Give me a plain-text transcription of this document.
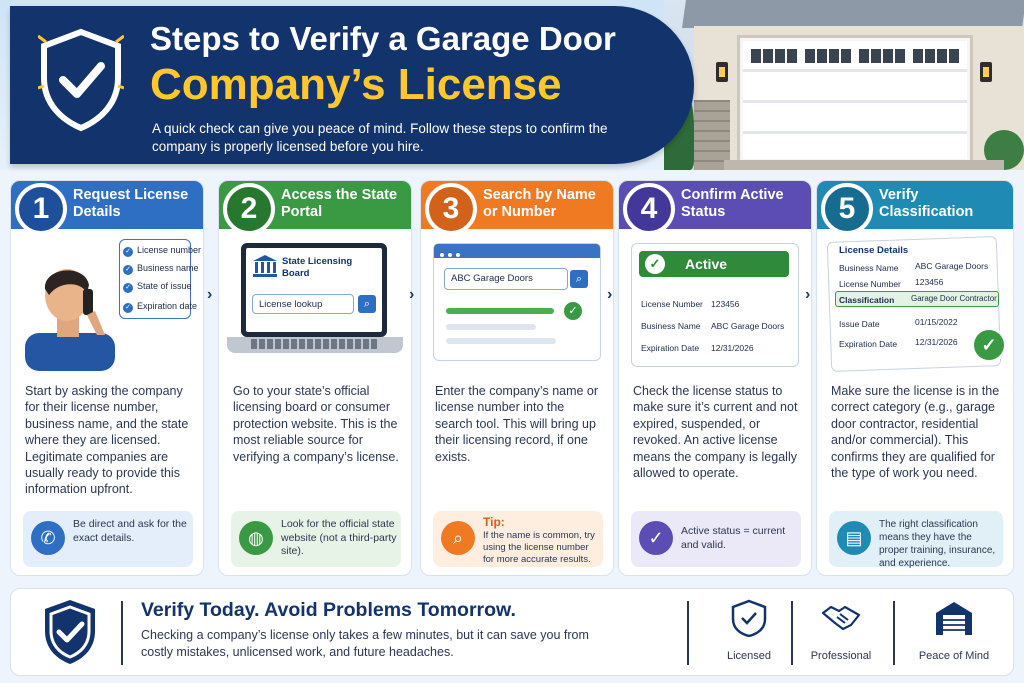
Steps to Verify a Garage Door
Company’s License
A quick check can give you peace of mind. Follow these steps to confirm the company is properly licensed before you hire.
1	Request License Details
✓ License number
✓ Business name
✓ State of issue
✓ Expiration date
Start by asking the company for their license number, business name, and the state where they are licensed. Legitimate companies are usually ready to provide this information upfront.
✆
Be direct and ask for the exact details.
›
2	Access the State Portal
State Licensing Board
License lookup	⌕
Go to your state’s official licensing board or consumer protection website. This is the most reliable source for verifying a company’s license.
◍
Look for the official state website (not a third-party site).
›
3	Search by Name or Number
ABC Garage Doors	⌕
✓
Enter the company’s name or license number into the search tool. This will bring up their licensing record, if one exists.
⌕
Tip:
If the name is common, try using the license number for more accurate results.
›
4	Confirm Active Status
✓	Active
License Number 123456
Business Name ABC Garage Doors
Expiration Date 12/31/2026
Check the license status to make sure it’s current and not expired, suspended, or revoked. An active license means the company is legally allowed to operate.
✓	Active status = current and valid.
›
5	Verify Classification
License Details
Business Name ABC Garage Doors
License Number 123456
Classification Garage Door Contractor
Issue Date	01/15/2022
Expiration Date 12/31/2026	✓
Make sure the license is in the correct category (e.g., garage door contractor, residential and/or commercial). This confirms they are qualified for the type of work you need.
▤
The right classification means they have the proper training, insurance, and experience.
Verify Today. Avoid Problems Tomorrow.
Checking a company’s license only takes a few minutes, but it can save you from costly mistakes, unlicensed work, and future headaches.	Licensed	Professional	Peace of Mind
